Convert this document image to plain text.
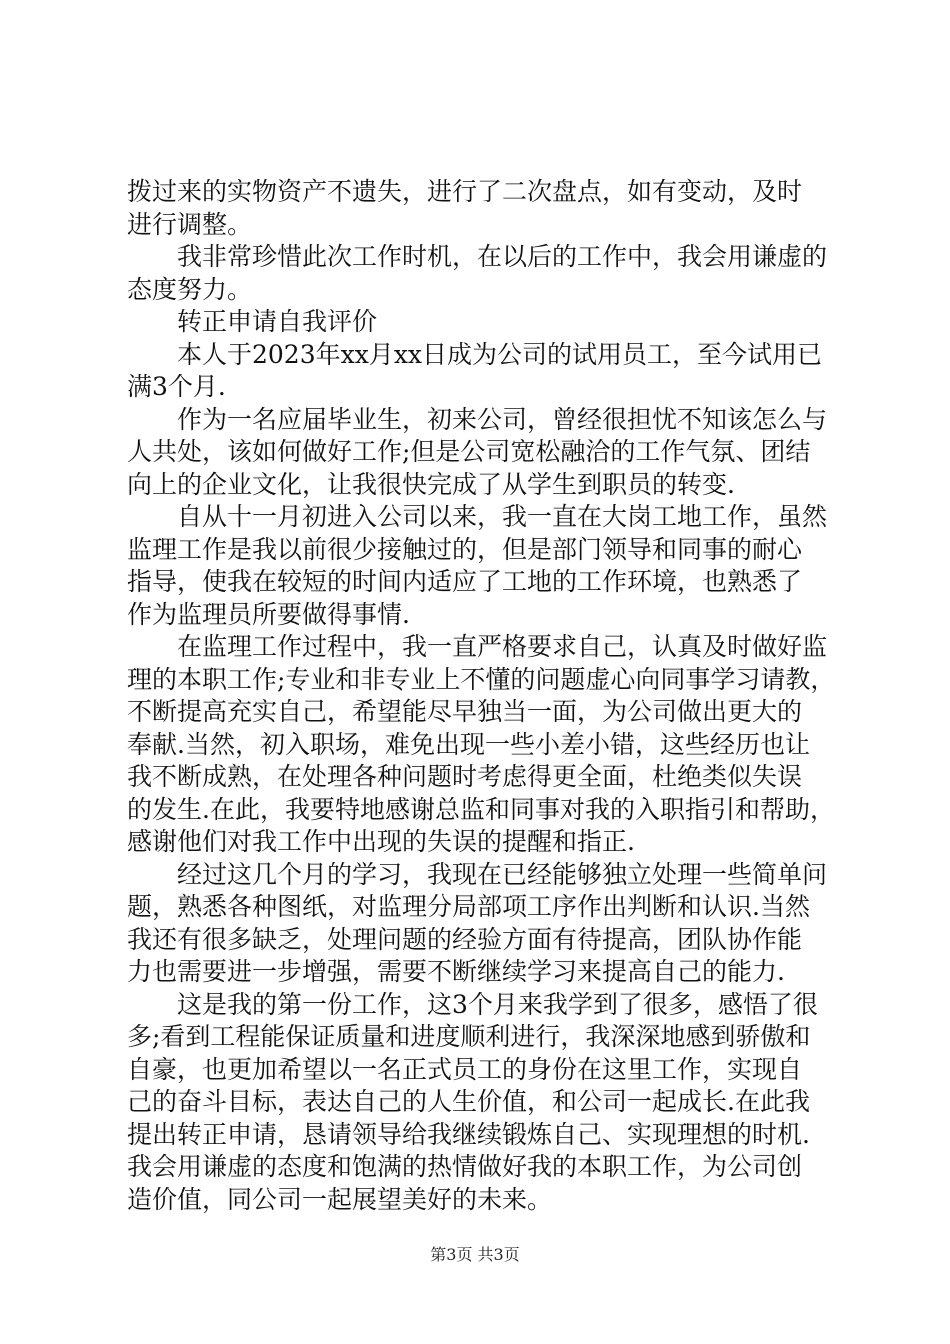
拨过来的实物资产不遗失，进行了二次盘点，如有变动，及时
进行调整。
我非常珍惜此次工作时机，在以后的工作中，我会用谦虚的
态度努力。
转正申请自我评价
本人于2023年xx月xx日成为公司的试用员工，至今试用已
满3个月.
作为一名应届毕业生，初来公司，曾经很担忧不知该怎么与
人共处，该如何做好工作;但是公司宽松融洽的工作气氛、团结
向上的企业文化，让我很快完成了从学生到职员的转变.
自从十一月初进入公司以来，我一直在大岗工地工作，虽然
监理工作是我以前很少接触过的，但是部门领导和同事的耐心
指导，使我在较短的时间内适应了工地的工作环境，也熟悉了
作为监理员所要做得事情.
在监理工作过程中，我一直严格要求自己，认真及时做好监
理的本职工作;专业和非专业上不懂的问题虚心向同事学习请教，
不断提高充实自己，希望能尽早独当一面，为公司做出更大的
奉献.当然，初入职场，难免出现一些小差小错，这些经历也让
我不断成熟，在处理各种问题时考虑得更全面，杜绝类似失误
的发生.在此，我要特地感谢总监和同事对我的入职指引和帮助，
感谢他们对我工作中出现的失误的提醒和指正.
经过这几个月的学习，我现在已经能够独立处理一些简单问
题，熟悉各种图纸，对监理分局部项工序作出判断和认识.当然
我还有很多缺乏，处理问题的经验方面有待提高，团队协作能
力也需要进一步增强，需要不断继续学习来提高自己的能力.
这是我的第一份工作，这3个月来我学到了很多，感悟了很
多;看到工程能保证质量和进度顺利进行，我深深地感到骄傲和
自豪，也更加希望以一名正式员工的身份在这里工作，实现自
己的奋斗目标，表达自己的人生价值，和公司一起成长.在此我
提出转正申请，恳请领导给我继续锻炼自己、实现理想的时机.
我会用谦虚的态度和饱满的热情做好我的本职工作，为公司创
造价值，同公司一起展望美好的未来。
第3页 共3页
